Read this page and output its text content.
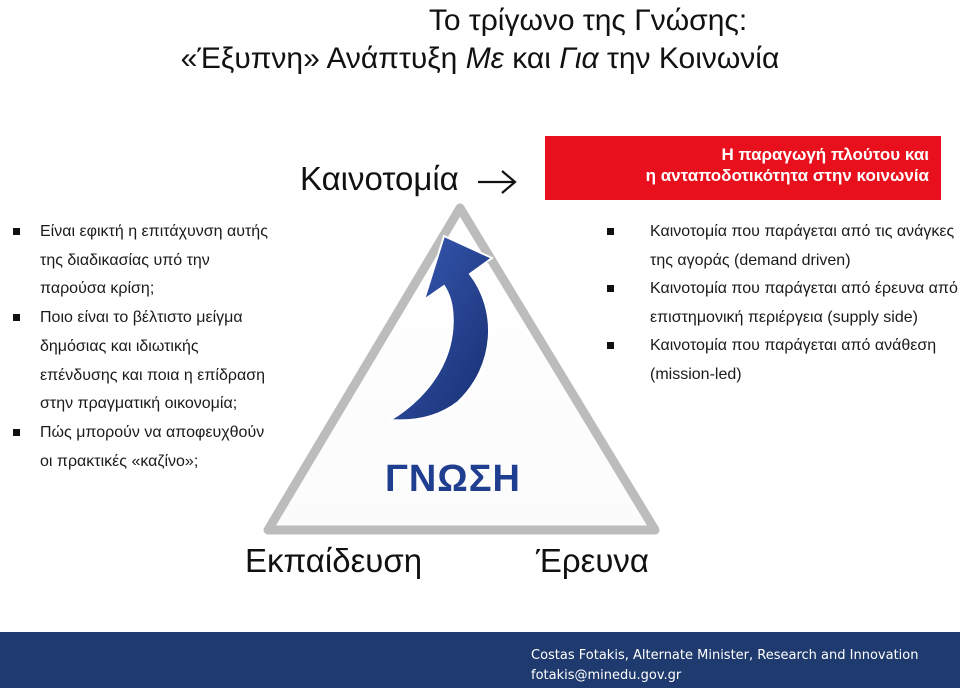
Το τρίγωνο της Γνώσης:
«Έξυπνη» Ανάπτυξη Με και Για την Κοινωνία
Είναι εφικτή η επιτάχυνση αυτής της διαδικασίας υπό την παρούσα κρίση;
Ποιο είναι το βέλτιστο μείγμα δημόσιας και ιδιωτικής επένδυσης και ποια η επίδραση στην πραγματική οικονομία;
Πώς μπορούν να αποφευχθούν οι πρακτικές «καζίνο»;
Καινοτομία
ΓΝΩΣΗ
Εκπαίδευση	Έρευνα
Η παραγωγή πλούτου και
η ανταποδοτικότητα στην κοινωνία
Καινοτομία που παράγεται από τις ανάγκες της αγοράς (demand driven)
Καινοτομία που παράγεται από έρευνα από επιστημονική περιέργεια (supply side)
Καινοτομία που παράγεται από ανάθεση (mission-led)
Costas Fotakis, Alternate Minister, Research and Innovation
fotakis@minedu.gov.gr
